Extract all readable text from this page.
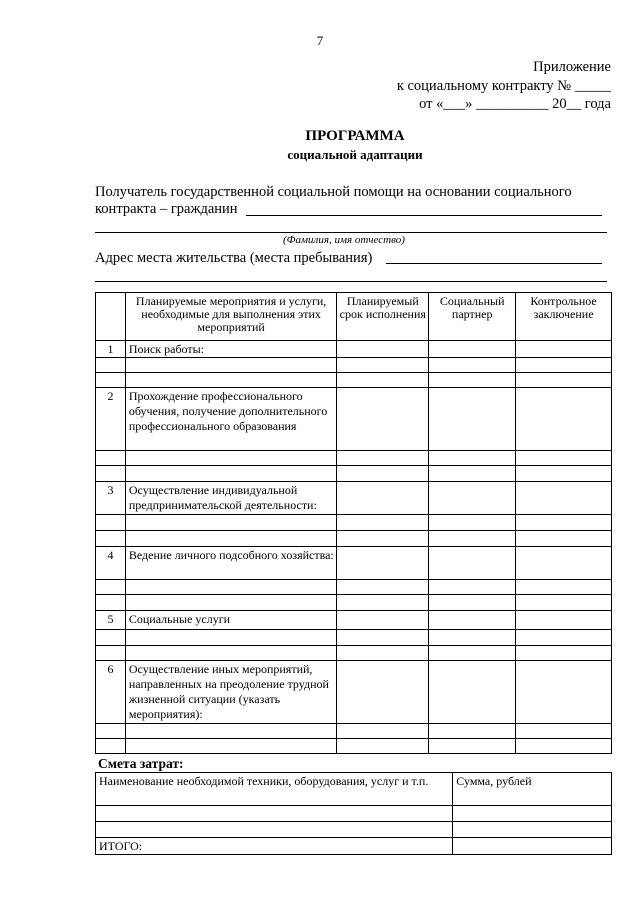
7
Приложение
к социальному контракту № _____
от «___» __________ 20__ года
ПРОГРАММА
социальной адаптации
Получатель государственной социальной помощи на основании социального
контракта – гражданин
(Фамилия, имя отчество)
Адрес места жительства (места пребывания)
	Планируемые мероприятия и услуги, необходимые для выполнения этих мероприятий	Планируемый срок исполнения	Социальный партнер	Контрольное заключение
1	Поиск работы:			

2	Прохождение профессионального обучения, получение дополнительного профессионального образования			

3	Осуществление индивидуальной предпринимательской деятельности:			

4	Ведение личного подсобного хозяйства:			

5	Социальные услуги			

6	Осуществление иных мероприятий, направленных на преодоление трудной жизненной ситуации (указать мероприятия):			

Смета затрат:
Наименование необходимой техники, оборудования, услуг и т.п.	Сумма, рублей

ИТОГО:	
